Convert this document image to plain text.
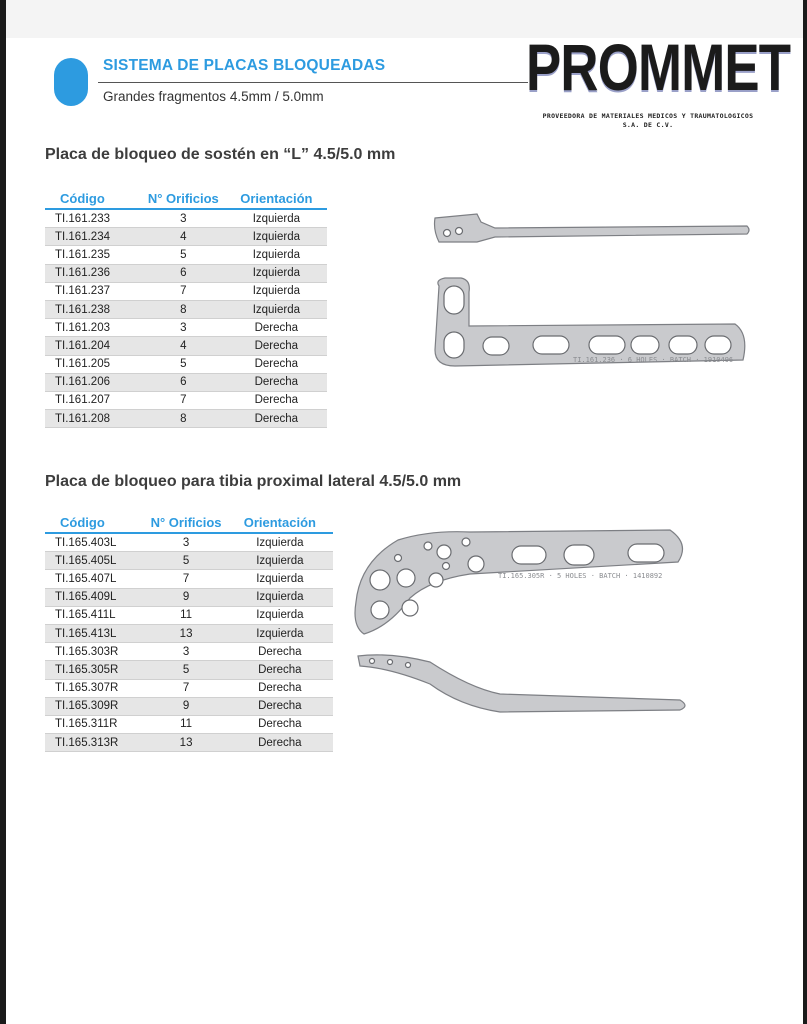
SISTEMA DE PLACAS BLOQUEADAS
Grandes fragmentos 4.5mm / 5.0mm	PROMMET
PROVEEDORA DE MATERIALES MEDICOS Y TRAUMATOLOGICOS
S.A. DE C.V.
Placa de bloqueo de sostén en “L” 4.5/5.0 mm
Código	N° Orificios	Orientación
TI.161.233	3	Izquierda
TI.161.234	4	Izquierda
TI.161.235	5	Izquierda
TI.161.236	6	Izquierda
TI.161.237	7	Izquierda
TI.161.238	8	Izquierda
TI.161.203	3	Derecha
TI.161.204	4	Derecha
TI.161.205	5	Derecha
TI.161.206	6	Derecha
TI.161.207	7	Derecha
TI.161.208	8	Derecha
TI.161.236 · 6 HOLES · BATCH · 1910496
Placa de bloqueo para tibia proximal lateral 4.5/5.0 mm
Código	N° Orificios	Orientación
TI.165.403L	3	Izquierda
TI.165.405L	5	Izquierda
TI.165.407L	7	Izquierda
TI.165.409L	9	Izquierda
TI.165.411L	11	Izquierda
TI.165.413L	13	Izquierda
TI.165.303R	3	Derecha
TI.165.305R	5	Derecha
TI.165.307R	7	Derecha
TI.165.309R	9	Derecha
TI.165.311R	11	Derecha
TI.165.313R	13	Derecha
TI.165.305R · 5 HOLES · BATCH · 1410892
